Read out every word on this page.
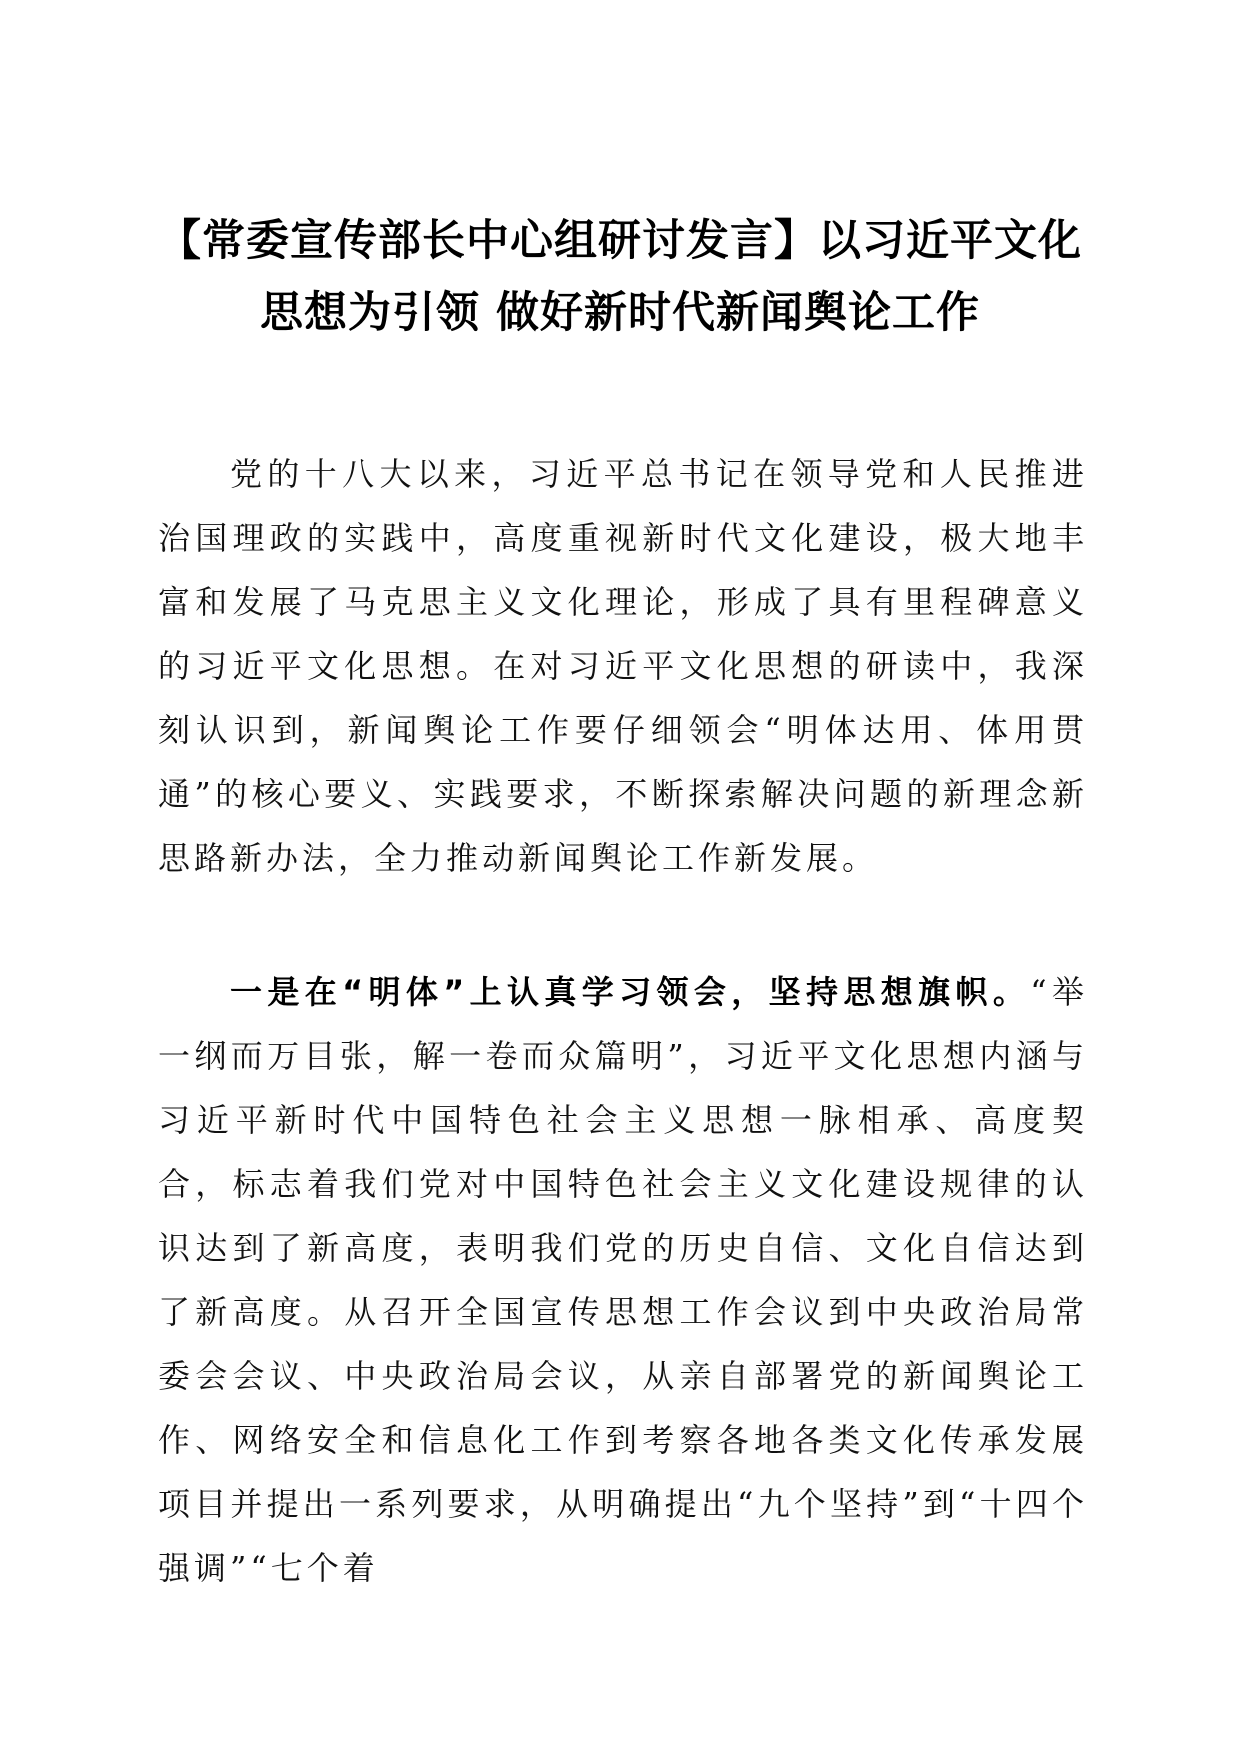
【常委宣传部长中心组研讨发言】以习近平文化思想为引领 做好新时代新闻舆论工作

党的十八大以来，习近平总书记在领导党和人民推进治国理政的实践中，高度重视新时代文化建设，极大地丰富和发展了马克思主义文化理论，形成了具有里程碑意义的习近平文化思想。在对习近平文化思想的研读中，我深刻认识到，新闻舆论工作要仔细领会“明体达用、体用贯通”的核心要义、实践要求，不断探索解决问题的新理念新思路新办法，全力推动新闻舆论工作新发展。

一是在“明体”上认真学习领会，坚持思想旗帜。“举一纲而万目张，解一卷而众篇明”，习近平文化思想内涵与习近平新时代中国特色社会主义思想一脉相承、高度契合，标志着我们党对中国特色社会主义文化建设规律的认识达到了新高度，表明我们党的历史自信、文化自信达到了新高度。从召开全国宣传思想工作会议到中央政治局常委会会议、中央政治局会议，从亲自部署党的新闻舆论工作、网络安全和信息化工作到考察各地各类文化传承发展项目并提出一系列要求，从明确提出“九个坚持”到“十四个强调”“七个着
